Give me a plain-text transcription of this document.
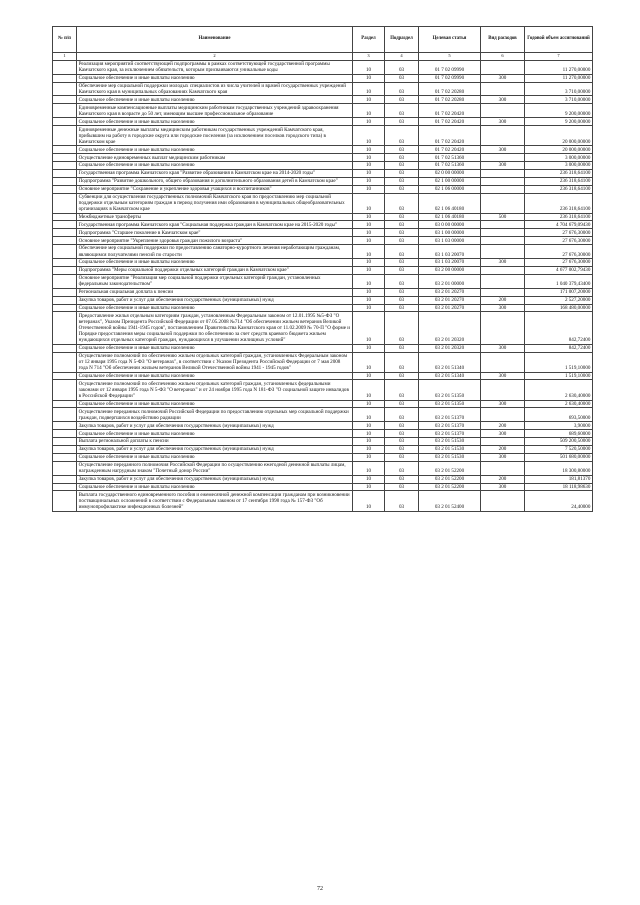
№ п/п	Наименование	Раздел	Подраздел	Целевая статья	Вид расходов	Годовой объем ассигнований
1	2	3	4	5	6	7
	Реализация мероприятий соответствующей подпрограммы в рамках соответствующей государственной программы Камчатского края, за исключением обязательств, которым присваиваются уникальные коды	10	03	01 7 02 09990		11 270,00000
	Социальное обеспечение и иные выплаты населению	10	03	01 7 02 09990	300	11 270,00000
	Обеспечение мер социальной поддержки молодых специалистов из числа учителей и врачей государственных учреждений Камчатского края в муниципальных образованиях Камчатского края	10	03	01 7 02 20280		3 710,00000
	Социальное обеспечение и иные выплаты населению	10	03	01 7 02 20280	300	3 710,00000
	Единовременные компенсационные выплаты медицинским работникам государственных учреждений здравоохранения Камчатского края в возрасте до 50 лет, имеющим высшее профессиональное образование	10	03	01 7 02 20420		9 200,00000
	Социальное обеспечение и иные выплаты населению	10	03	01 7 02 20420	300	9 200,00000
	Единовременные денежные выплаты медицинским работникам государственных учреждений Камчатского края, прибывшим на работу в городские округа или городские поселения (за исключением поселков городского типа) в Камчатском крае	10	03	01 7 02 20420		20 000,00000
	Социальное обеспечение и иные выплаты населению	10	03	01 7 02 20420	300	20 000,00000
	Осуществление единовременных выплат медицинским работникам	10	03	01 7 02 51360		3 000,00000
	Социальное обеспечение и иные выплаты населению	10	03	01 7 02 51360	300	3 000,00000
	Государственная программа Камчатского края "Развитие образования в Камчатском крае на 2014-2020 годы"	10	03	02 0 00 00000		236 318,64100
	Подпрограмма "Развитие дошкольного, общего образования и дополнительного образования детей в Камчатском крае"	10	03	02 1 00 00000		236 318,64100
	Основное мероприятие "Сохранение и укрепление здоровья учащихся и воспитанников"	10	03	02 1 06 00000		236 318,64100
	Субвенции для осуществления государственных полномочий Камчатского края по предоставлению мер социальной поддержки отдельным категориям граждан в период получения ими образования в муниципальных общеобразовательных организациях в Камчатском крае	10	03	02 1 06 40180		236 318,64100
	Межбюджетные трансферты	10	03	02 1 06 40180	500	236 318,64100
	Государственная программа Камчатского края "Социальная поддержка граждан в Камчатском крае на 2015-2020 годы"	10	03	03 0 00 00000		4 704 679,09430
	Подпрограмма "Старшее поколение в Камчатском крае"	10	03	03 1 00 00000		27 676,30000
	Основное мероприятие "Укрепление здоровья граждан пожилого возраста"	10	03	03 1 03 00000		27 676,30000
	Обеспечение мер социальной поддержки по предоставлению санаторно-курортного лечения неработающим гражданам, являющимся получателями пенсий по старости	10	03	03 1 03 20070		27 676,30000
	Социальное обеспечение и иные выплаты населению	10	03	03 1 03 20070	300	27 676,30000
	Подпрограмма "Меры социальной поддержки отдельных категорий граждан в Камчатском крае"	10	03	03 2 00 00000		4 677 002,79430
	Основное мероприятие "Реализация мер социальной поддержки отдельных категорий граждан, установленных федеральным законодательством"	10	03	03 2 01 00000		1 040 379,43400
	Региональная социальная доплата к пенсии	10	03	03 2 01 20270		171 007,20000
	Закупка товаров, работ и услуг для обеспечения государственных (муниципальных) нужд	10	03	03 2 01 20270	200	2 527,20000
	Социальное обеспечение и иные выплаты населению	10	03	03 2 01 20270	300	168 480,00000
	Предоставление жилья отдельным категориям граждан, установленным Федеральным законом от 12.01.1995 №5-ФЗ "О ветеранах", Указом Президента Российской Федерации от 07.05.2008 №714 "Об обеспечении жильем ветеранов Великой Отечественной войны 1941-1945 годов", постановлением Правительства Камчатского края от 11.02.2009 № 70-П "О форме и Порядке предоставления меры социальной поддержки по обеспечению за счет средств краевого бюджета жильем нуждающихся отдельных категорий граждан, нуждающихся в улучшении жилищных условий"	10	03	03 2 01 20320		842,72400
	Социальное обеспечение и иные выплаты населению	10	03	03 2 01 20320	300	842,72400
	Осуществление полномочий по обеспечению жильем отдельных категорий граждан, установленных Федеральным законом от 12 января 1995 года N 5-ФЗ "О ветеранах", в соответствии с Указом Президента Российской Федерации от 7 мая 2008 года N 714 "Об обеспечении жильем ветеранов Великой Отечественной войны 1941 - 1945 годов"	10	03	03 2 01 51340		1 519,10000
	Социальное обеспечение и иные выплаты населению	10	03	03 2 01 51340	300	1 519,10000
	Осуществление полномочий по обеспечению жильем отдельных категорий граждан, установленных федеральными законами от 12 января 1995 года N 5-ФЗ "О ветеранах" и от 24 ноября 1995 года N 181-ФЗ "О социальной защите инвалидов в Российской Федерации"	10	03	03 2 01 51350		2 630,40000
	Социальное обеспечение и иные выплаты населению	10	03	03 2 01 51350	300	2 630,40000
	Осуществление переданных полномочий Российской Федерации по предоставлению отдельных мер социальной поддержки граждан, подвергшихся воздействию радиации	10	03	03 2 01 51370		693,50000
	Закупка товаров, работ и услуг для обеспечения государственных (муниципальных) нужд	10	03	03 2 01 51370	200	3,90000
	Социальное обеспечение и иные выплаты населению	10	03	03 2 01 51370	300	689,60000
	Выплата региональной доплаты к пенсии	10	03	03 2 01 51530		509 200,50000
	Закупка товаров, работ и услуг для обеспечения государственных (муниципальных) нужд	10	03	03 2 01 51530	200	7 520,50000
	Социальное обеспечение и иные выплаты населению	10	03	03 2 01 51530	300	501 680,00000
	Осуществление переданного полномочия Российской Федерации по осуществлению ежегодной денежной выплаты лицам, награжденным нагрудным знаком "Почетный донор России"	10	03	03 2 01 52200		18 300,80000
	Закупка товаров, работ и услуг для обеспечения государственных (муниципальных) нужд	10	03	03 2 01 52200	200	181,81370
	Социальное обеспечение и иные выплаты населению	10	03	03 2 01 52200	300	18 118,98630
	Выплата государственного единовременного пособия и ежемесячной денежной компенсации гражданам при возникновении поствакцинальных осложнений в соответствии с Федеральным законом от 17 сентября 1998 года № 157-ФЗ "Об иммунопрофилактике инфекционных болезней"	10	03	03 2 01 52400		24,40000
72
